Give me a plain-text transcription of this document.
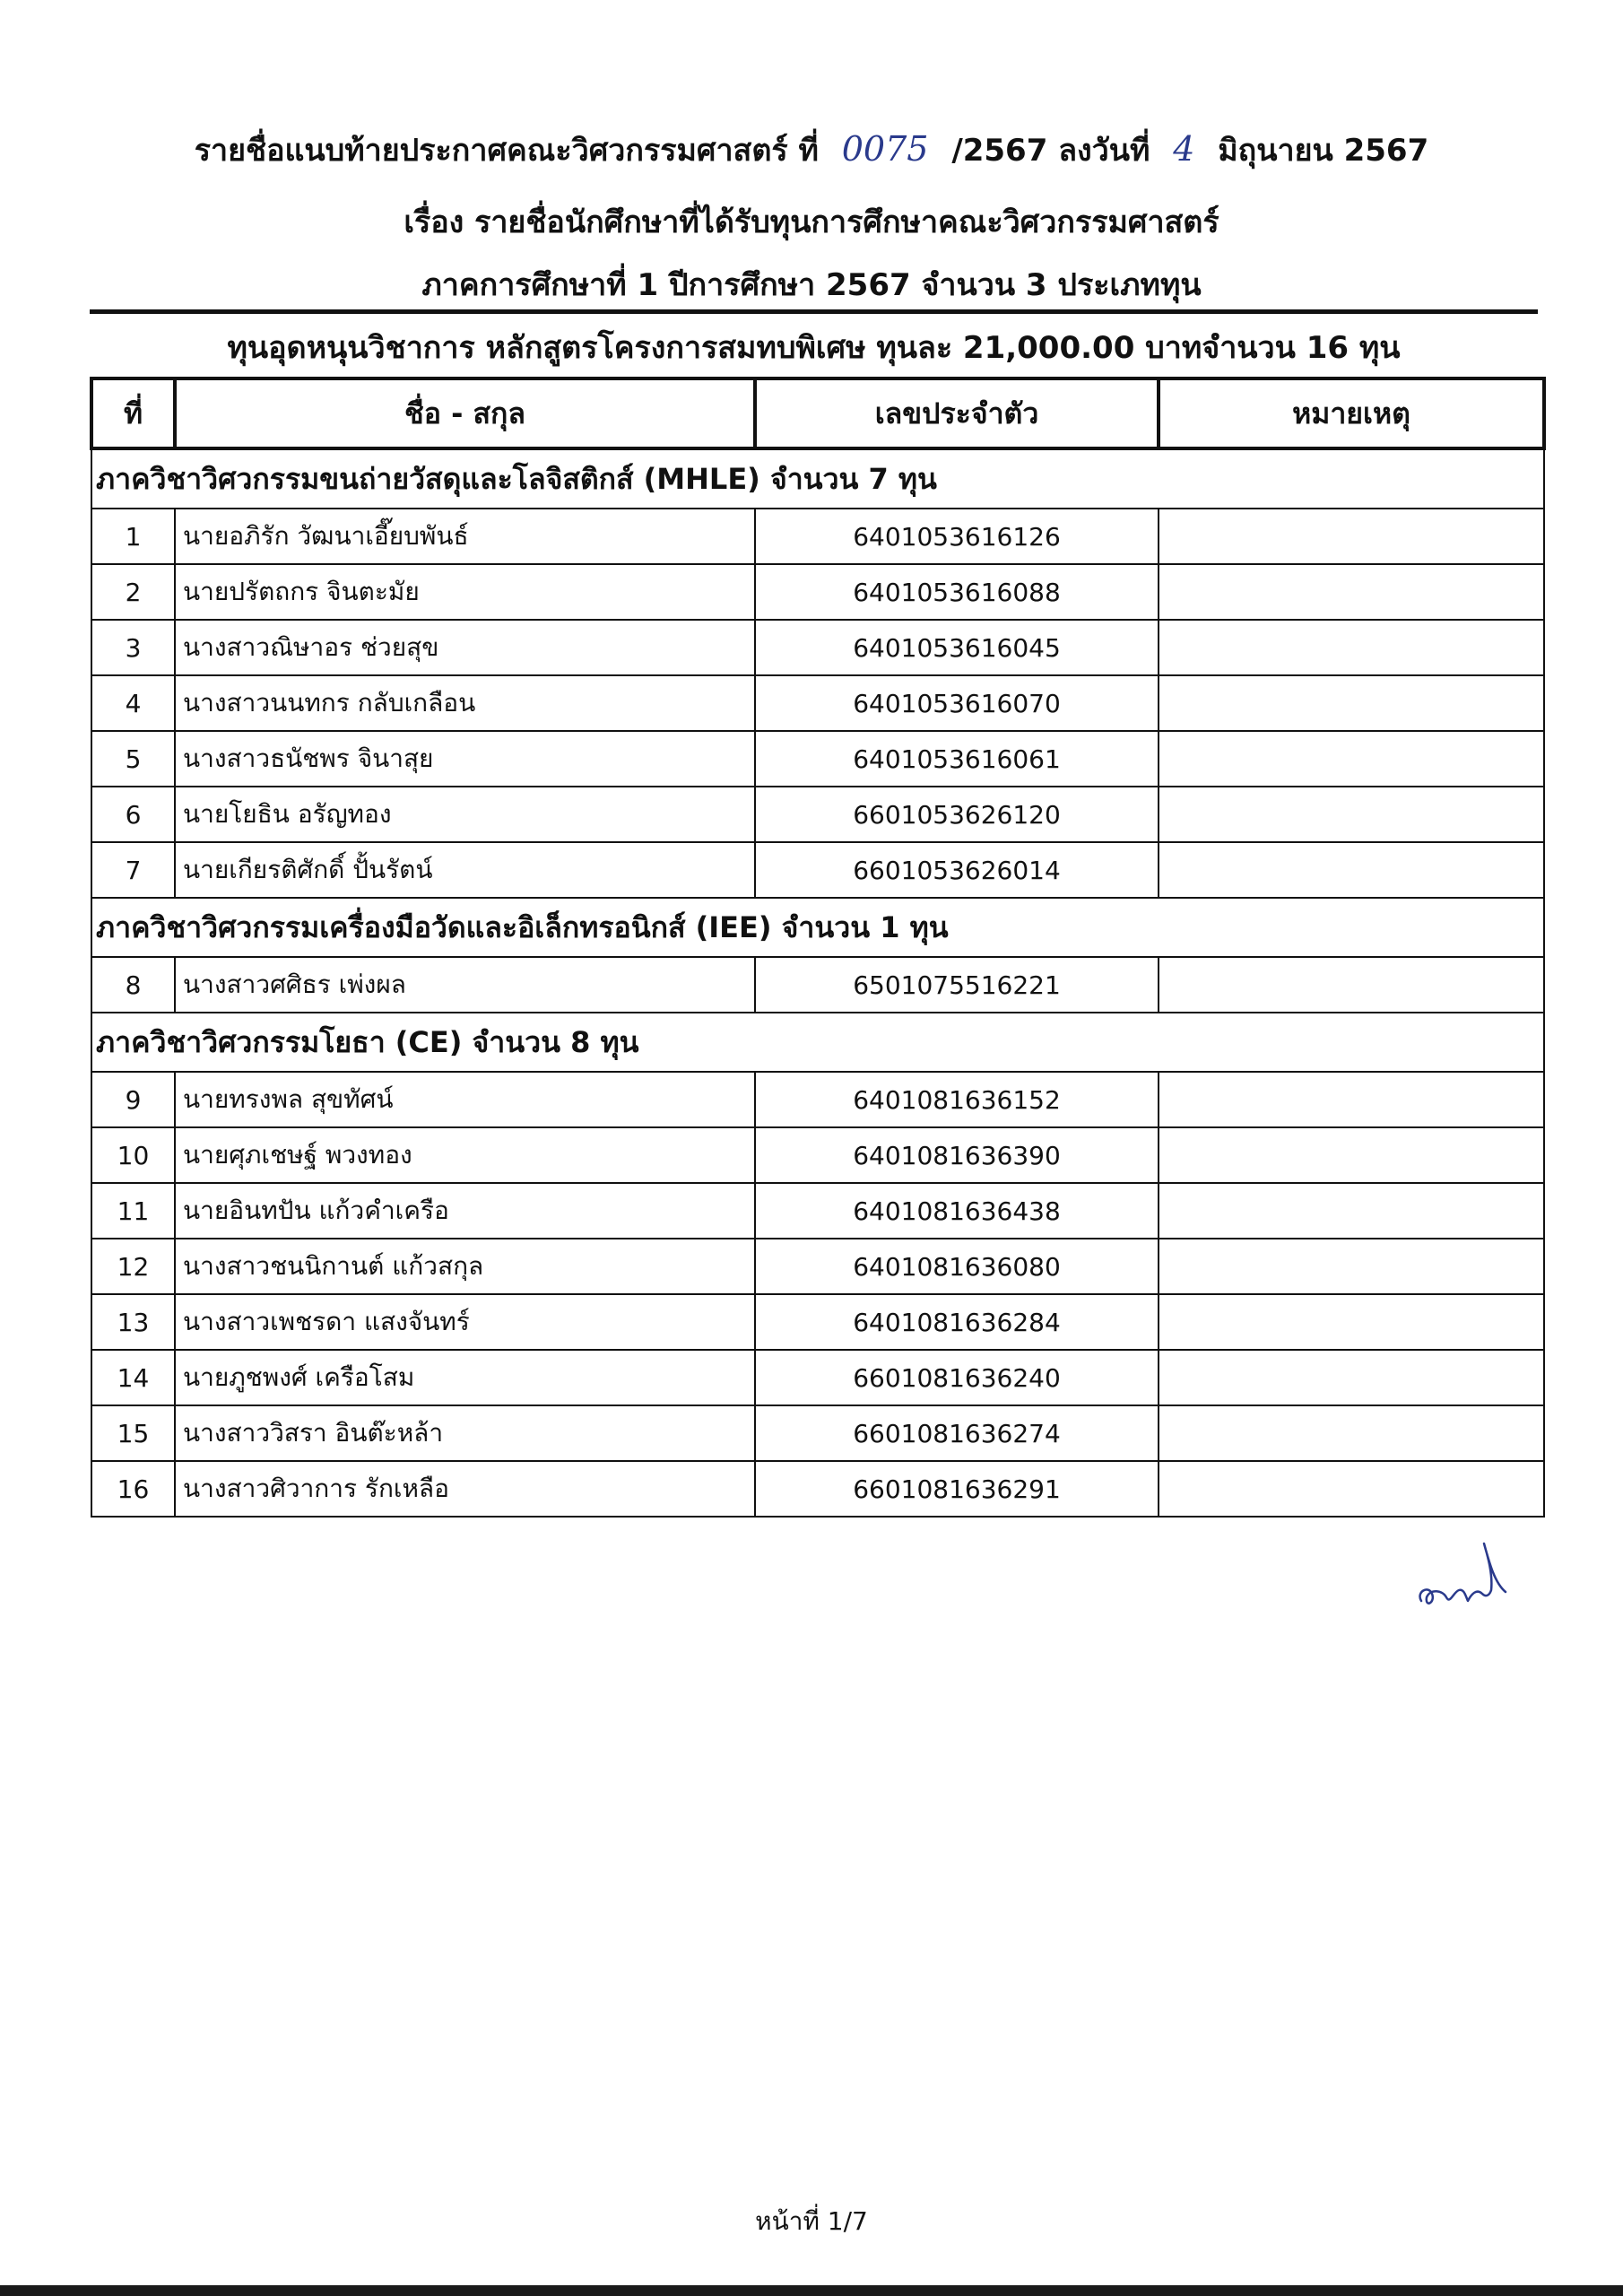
รายชื่อแนบท้ายประกาศคณะวิศวกรรมศาสตร์ ที่ 0075 /2567 ลงวันที่ 4 มิถุนายน 2567
เรื่อง รายชื่อนักศึกษาที่ได้รับทุนการศึกษาคณะวิศวกรรมศาสตร์
ภาคการศึกษาที่ 1 ปีการศึกษา 2567 จำนวน 3 ประเภททุน
ทุนอุดหนุนวิชาการ หลักสูตรโครงการสมทบพิเศษ ทุนละ 21,000.00 บาทจำนวน 16 ทุน
ที่	ชื่อ - สกุล	เลขประจำตัว	หมายเหตุ
ภาควิชาวิศวกรรมขนถ่ายวัสดุและโลจิสติกส์ (MHLE) จำนวน 7 ทุน			
1	นายอภิรัก วัฒนาเอี๊ยบพันธ์	6401053616126	
2	นายปรัตถกร จินตะมัย	6401053616088	
3	นางสาวณิษาอร ช่วยสุข	6401053616045	
4	นางสาวนนทกร กลับเกลือน	6401053616070	
5	นางสาวธนัชพร จินาสุย	6401053616061	
6	นายโยธิน อรัญทอง	6601053626120	
7	นายเกียรติศักดิ์ ปั้นรัตน์	6601053626014	
ภาควิชาวิศวกรรมเครื่องมือวัดและอิเล็กทรอนิกส์ (IEE) จำนวน 1 ทุน			
8	นางสาวศศิธร เพ่งผล	6501075516221	
ภาควิชาวิศวกรรมโยธา (CE) จำนวน 8 ทุน			
9	นายทรงพล สุขทัศน์	6401081636152	
10	นายศุภเชษฐ์ พวงทอง	6401081636390	
11	นายอินทปัน แก้วคำเครือ	6401081636438	
12	นางสาวชนนิกานต์ แก้วสกุล	6401081636080	
13	นางสาวเพชรดา แสงจันทร์	6401081636284	
14	นายภูชพงศ์ เครือโสม	6601081636240	
15	นางสาววิสรา อินต๊ะหล้า	6601081636274	
16	นางสาวศิวาการ รักเหลือ	6601081636291	
หน้าที่ 1/7
